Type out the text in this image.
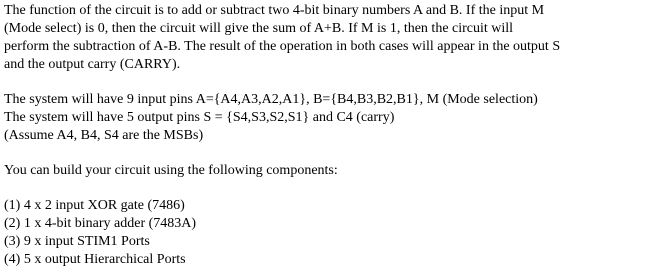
The function of the circuit is to add or subtract two 4-bit binary numbers A and B. If the input M
(Mode select) is 0, then the circuit will give the sum of A+B. If M is 1, then the circuit will
perform the subtraction of A-B. The result of the operation in both cases will appear in the output S
and the output carry (CARRY).
The system will have 9 input pins A={A4,A3,A2,A1}, B={B4,B3,B2,B1}, M (Mode selection)
The system will have 5 output pins S = {S4,S3,S2,S1} and C4 (carry)
(Assume A4, B4, S4 are the MSBs)
You can build your circuit using the following components:
(1) 4 x 2 input XOR gate (7486)
(2) 1 x 4-bit binary adder (7483A)
(3) 9 x input STIM1 Ports
(4) 5 x output Hierarchical Ports
